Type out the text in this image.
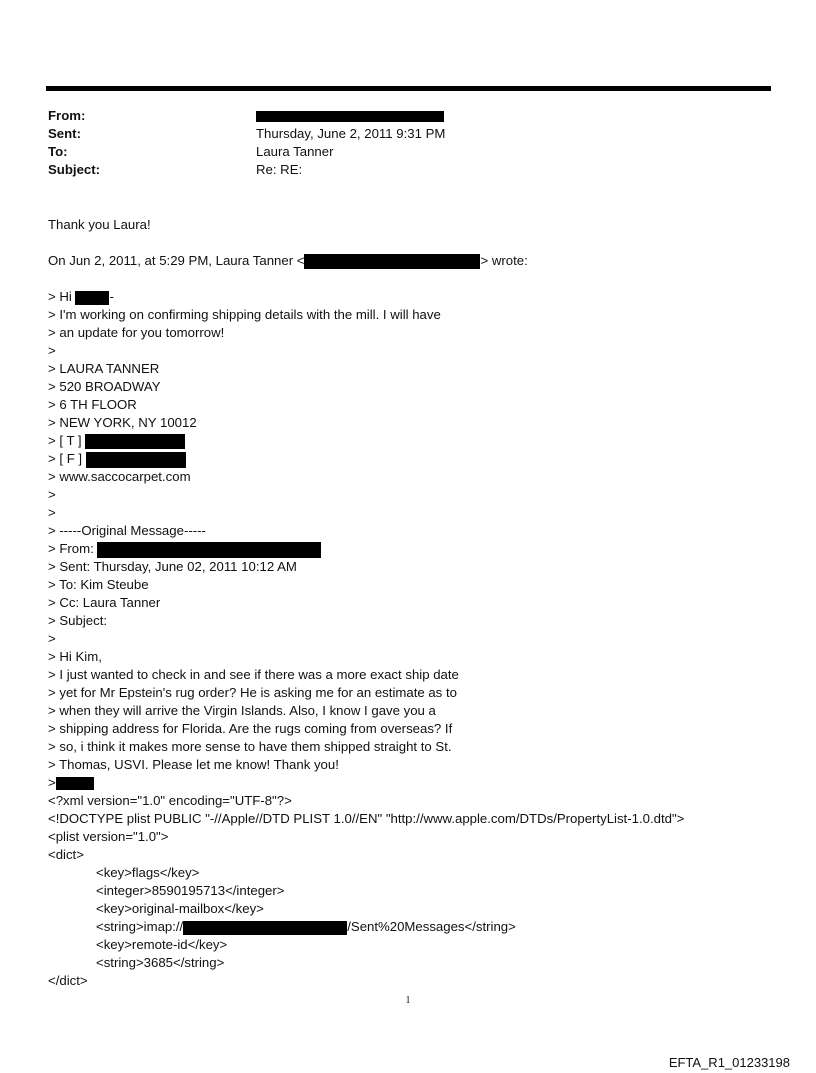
From:
Sent:	Thursday, June 2, 2011 9:31 PM
To:	Laura Tanner
Subject:	Re: RE:
Thank you Laura!
On Jun 2, 2011, at 5:29 PM, Laura Tanner <	> wrote:
> Hi	-
> I'm working on confirming shipping details with the mill. I will have
> an update for you tomorrow!
>
> LAURA TANNER
> 520 BROADWAY
> 6 TH FLOOR
> NEW YORK, NY 10012
> [ T ]
> [ F ]
> www.saccocarpet.com
>
>
> -----Original Message-----
> From:
> Sent: Thursday, June 02, 2011 10:12 AM
> To: Kim Steube
> Cc: Laura Tanner
> Subject:
>
> Hi Kim,
> I just wanted to check in and see if there was a more exact ship date
> yet for Mr Epstein's rug order? He is asking me for an estimate as to
> when they will arrive the Virgin Islands. Also, I know I gave you a
> shipping address for Florida. Are the rugs coming from overseas? If
> so, i think it makes more sense to have them shipped straight to St.
> Thomas, USVI. Please let me know! Thank you!
>
<?xml version="1.0" encoding="UTF-8"?>
<!DOCTYPE plist PUBLIC "-//Apple//DTD PLIST 1.0//EN" "http://www.apple.com/DTDs/PropertyList-1.0.dtd">
<plist version="1.0">
<dict>
<key>flags</key>
<integer>8590195713</integer>
<key>original-mailbox</key>
<string>imap://	/Sent%20Messages</string>
<key>remote-id</key>
<string>3685</string>
</dict>
1
EFTA_R1_01233198
